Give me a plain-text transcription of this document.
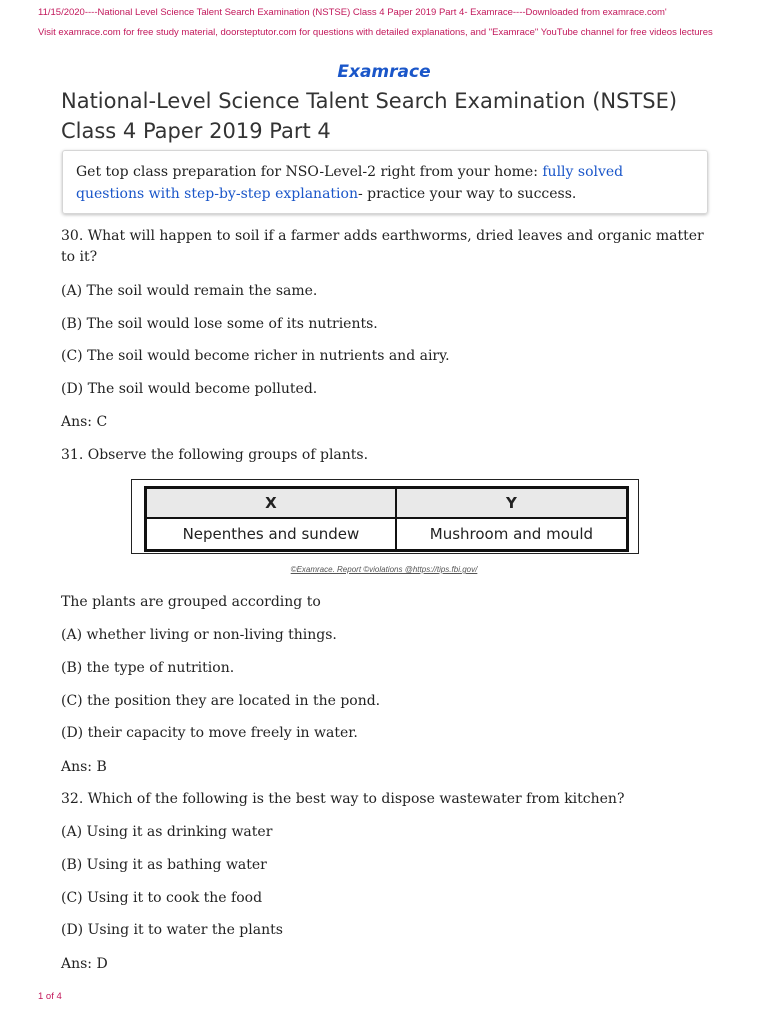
11/15/2020----National Level Science Talent Search Examination (NSTSE) Class 4 Paper 2019 Part 4- Examrace----Downloaded from examrace.com'
Visit examrace.com for free study material, doorsteptutor.com for questions with detailed explanations, and "Examrace" YouTube channel for free videos lectures
Examrace
National-Level Science Talent Search Examination (NSTSE) Class 4 Paper 2019 Part 4
Get top class preparation for NSO-Level-2 right from your home: fully solved questions with step-by-step explanation- practice your way to success.
30. What will happen to soil if a farmer adds earthworms, dried leaves and organic matter to it?
(A) The soil would remain the same.
(B) The soil would lose some of its nutrients.
(C) The soil would become richer in nutrients and airy.
(D) The soil would become polluted.
Ans: C
31. Observe the following groups of plants.
X	Y
Nepenthes and sundew	Mushroom and mould
©Examrace. Report ©violations @https://tips.fbi.gov/
The plants are grouped according to
(A) whether living or non-living things.
(B) the type of nutrition.
(C) the position they are located in the pond.
(D) their capacity to move freely in water.
Ans: B
32. Which of the following is the best way to dispose wastewater from kitchen?
(A) Using it as drinking water
(B) Using it as bathing water
(C) Using it to cook the food
(D) Using it to water the plants
Ans: D
1 of 4
